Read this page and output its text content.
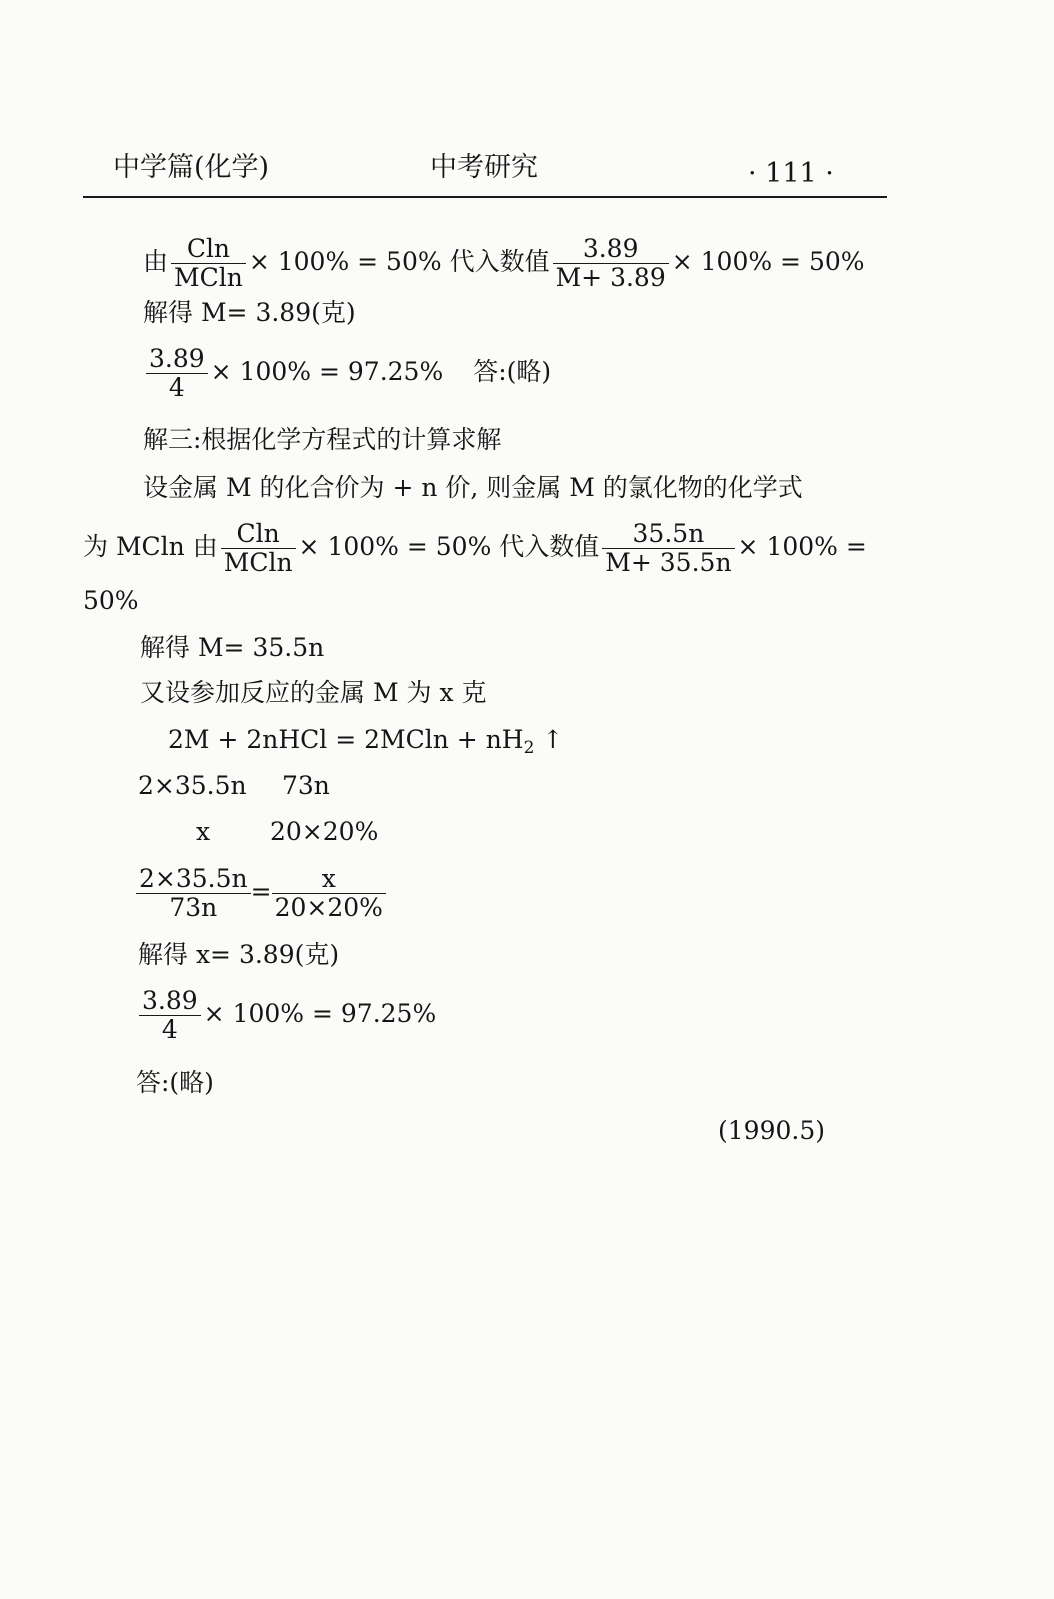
中学篇(化学)	中考研究	· 111 ·
由 $\frac{Cln}{MCln} \times 100\% = 50\%$ 代入数值 $\frac{3.89}{M+ 3.89} \times 100\% = 50\%$
解得 M= 3.89(克)
$\frac{3.89}{4} \times 100\% = 97.25\%$ 答:(略)
解三:根据化学方程式的计算求解
设金属 M 的化合价为 + n 价, 则金属 M 的氯化物的化学式
为 MCln 由 $\frac{Cln}{MCln} \times 100\% = 50\%$ 代入数值 $\frac{35.5n}{M+ 35.5n} \times 100\%$ =
50%
解得 M= 35.5n
又设参加反应的金属 M 为 x 克
2M + 2nHCl = $2MCln + nH_2$ ↑
2×35.5n 73n
x 20×20%
$\frac{2\times 35.5n}{73n} = \frac{x}{20\times 20\%}$
解得 x= 3.89(克)
$\frac{3.89}{4} \times 100\% = 97.25\%$
答:(略)
(1990.5)
